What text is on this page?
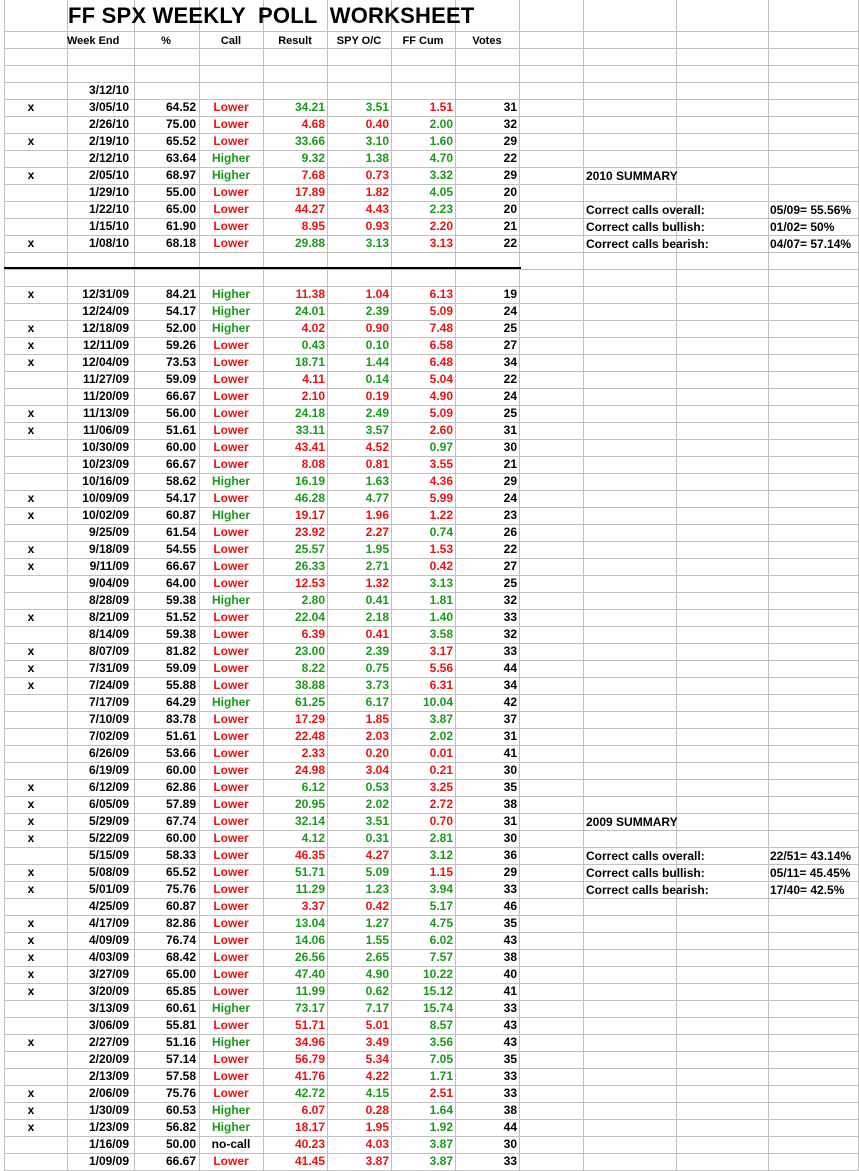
FF SPX WEEKLY  POLL  WORKSHEET
Week End	%	Call	Result	SPY O/C	FF Cum	Votes
3/12/10
x	3/05/10	64.52	Lower	34.21	3.51	1.51	31
2/26/10	75.00	Lower	4.68	0.40	2.00	32
x	2/19/10	65.52	Lower	33.66	3.10	1.60	29
2/12/10	63.64	Higher	9.32	1.38	4.70	22
x	2/05/10	68.97	Higher	7.68	0.73	3.32	29
1/29/10	55.00	Lower	17.89	1.82	4.05	20
1/22/10	65.00	Lower	44.27	4.43	2.23	20
1/15/10	61.90	Lower	8.95	0.93	2.20	21
x	1/08/10	68.18	Lower	29.88	3.13	3.13	22
x	12/31/09	84.21	Higher	11.38	1.04	6.13	19
12/24/09	54.17	Higher	24.01	2.39	5.09	24
x	12/18/09	52.00	Higher	4.02	0.90	7.48	25
x	12/11/09	59.26	Lower	0.43	0.10	6.58	27
x	12/04/09	73.53	Lower	18.71	1.44	6.48	34
11/27/09	59.09	Lower	4.11	0.14	5.04	22
11/20/09	66.67	Lower	2.10	0.19	4.90	24
x	11/13/09	56.00	Lower	24.18	2.49	5.09	25
x	11/06/09	51.61	Lower	33.11	3.57	2.60	31
10/30/09	60.00	Lower	43.41	4.52	0.97	30
10/23/09	66.67	Lower	8.08	0.81	3.55	21
10/16/09	58.62	Higher	16.19	1.63	4.36	29
x	10/09/09	54.17	Lower	46.28	4.77	5.99	24
x	10/02/09	60.87	HIgher	19.17	1.96	1.22	23
9/25/09	61.54	Lower	23.92	2.27	0.74	26
x	9/18/09	54.55	Lower	25.57	1.95	1.53	22
x	9/11/09	66.67	Lower	26.33	2.71	0.42	27
9/04/09	64.00	Lower	12.53	1.32	3.13	25
8/28/09	59.38	Higher	2.80	0.41	1.81	32
x	8/21/09	51.52	Lower	22.04	2.18	1.40	33
8/14/09	59.38	Lower	6.39	0.41	3.58	32
x	8/07/09	81.82	Lower	23.00	2.39	3.17	33
x	7/31/09	59.09	Lower	8.22	0.75	5.56	44
x	7/24/09	55.88	Lower	38.88	3.73	6.31	34
7/17/09	64.29	Higher	61.25	6.17	10.04	42
7/10/09	83.78	Lower	17.29	1.85	3.87	37
7/02/09	51.61	Lower	22.48	2.03	2.02	31
6/26/09	53.66	Lower	2.33	0.20	0.01	41
6/19/09	60.00	Lower	24.98	3.04	0.21	30
x	6/12/09	62.86	Lower	6.12	0.53	3.25	35
x	6/05/09	57.89	Lower	20.95	2.02	2.72	38
x	5/29/09	67.74	Lower	32.14	3.51	0.70	31
x	5/22/09	60.00	Lower	4.12	0.31	2.81	30
5/15/09	58.33	Lower	46.35	4.27	3.12	36
x	5/08/09	65.52	Lower	51.71	5.09	1.15	29
x	5/01/09	75.76	Lower	11.29	1.23	3.94	33
4/25/09	60.87	Lower	3.37	0.42	5.17	46
x	4/17/09	82.86	Lower	13.04	1.27	4.75	35
x	4/09/09	76.74	Lower	14.06	1.55	6.02	43
x	4/03/09	68.42	Lower	26.56	2.65	7.57	38
x	3/27/09	65.00	Lower	47.40	4.90	10.22	40
x	3/20/09	65.85	Lower	11.99	0.62	15.12	41
3/13/09	60.61	Higher	73.17	7.17	15.74	33
3/06/09	55.81	Lower	51.71	5.01	8.57	43
x	2/27/09	51.16	Higher	34.96	3.49	3.56	43
2/20/09	57.14	Lower	56.79	5.34	7.05	35
2/13/09	57.58	Lower	41.76	4.22	1.71	33
x	2/06/09	75.76	Lower	42.72	4.15	2.51	33
x	1/30/09	60.53	Higher	6.07	0.28	1.64	38
x	1/23/09	56.82	Higher	18.17	1.95	1.92	44
1/16/09	50.00	no-call	40.23	4.03	3.87	30
1/09/09	66.67	Lower	41.45	3.87	3.87	33
2010 SUMMARY
Correct calls overall:	05/09= 55.56%
Correct calls bullish:	01/02= 50%
Correct calls bearish:	04/07= 57.14%
2009 SUMMARY
Correct calls overall:	22/51= 43.14%
Correct calls bullish:	05/11= 45.45%
Correct calls bearish:	17/40= 42.5%
